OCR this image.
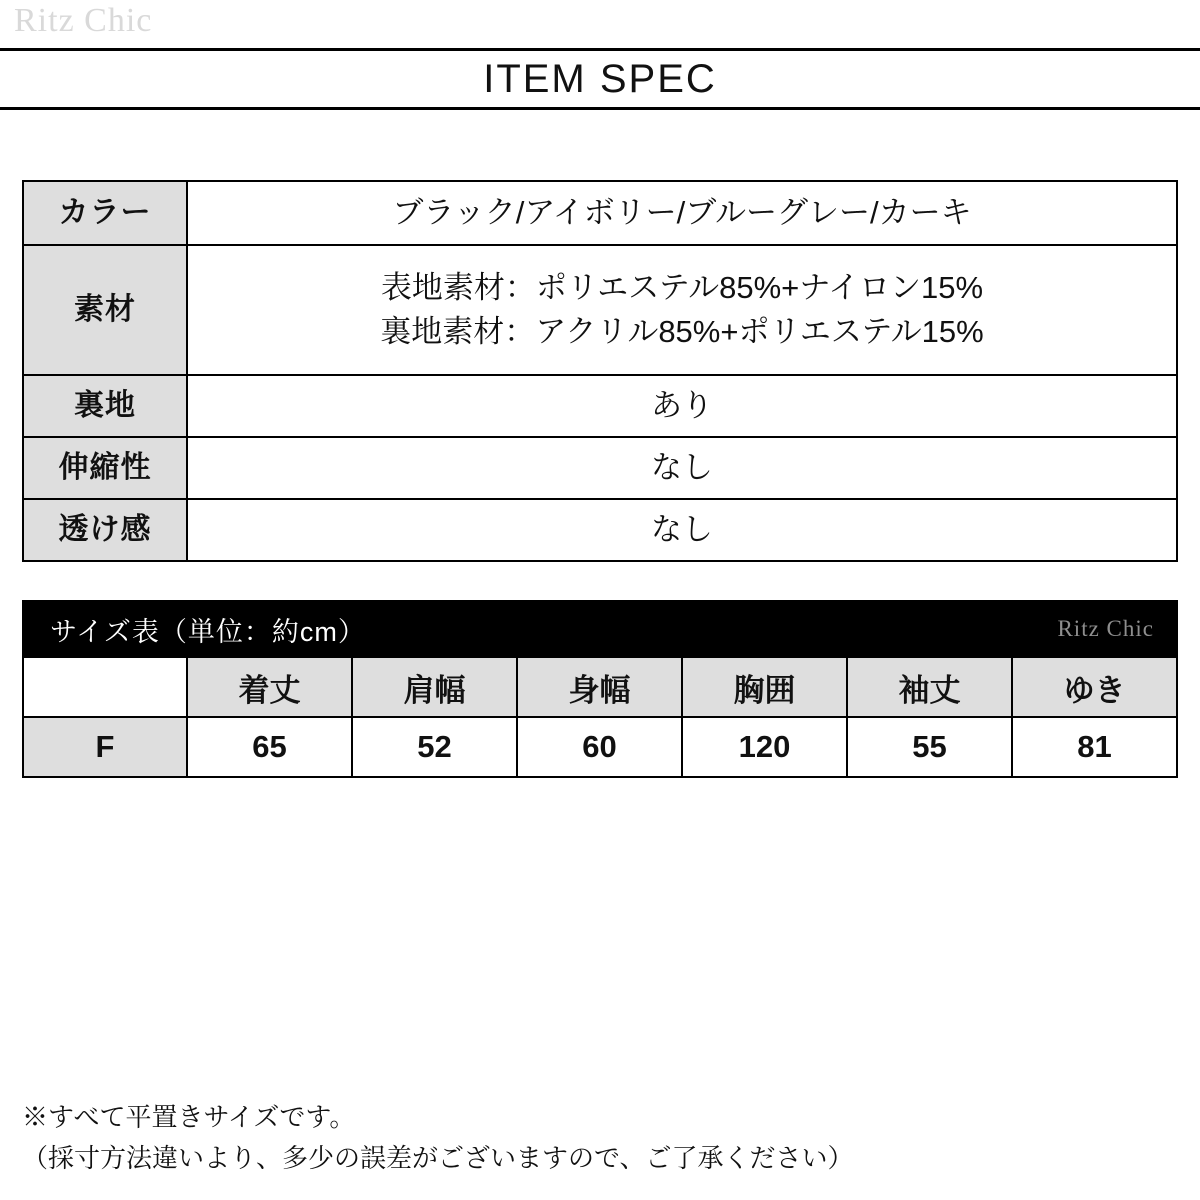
Ritz Chic
ITEM SPEC
カラー	ブラック/アイボリー/ブルーグレー/カーキ
素材	表地素材：ポリエステル85%+ナイロン15%
裏地素材：アクリル85%+ポリエステル15%

裏地	あり
伸縮性	なし
透け感	なし
サイズ表（単位：約cm）	Ritz Chic
	着丈	肩幅	身幅	胸囲	袖丈	ゆき
F	65	52	60	120	55	81
※すべて平置きサイズです。
（採寸方法違いより、多少の誤差がございますので、ご了承ください）
